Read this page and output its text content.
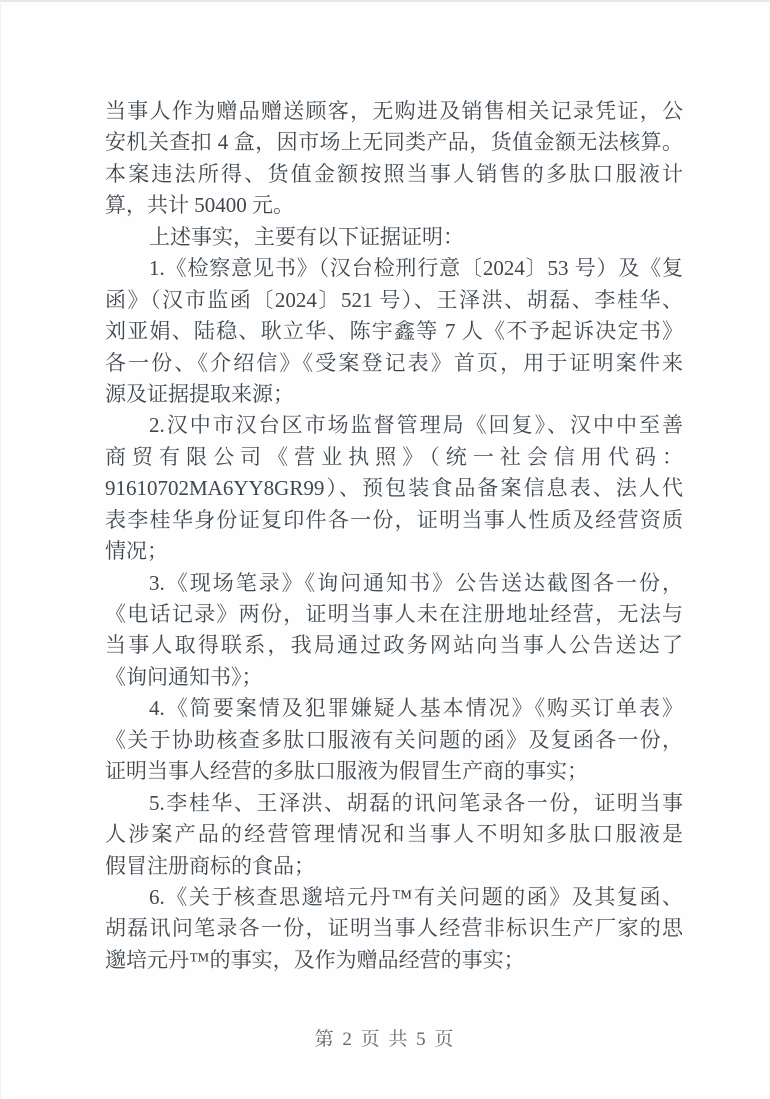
当事人作为赠品赠送顾客，无购进及销售相关记录凭证，公
安机关查扣 4 盒，因市场上无同类产品，货值金额无法核算。
本案违法所得、货值金额按照当事人销售的多肽口服液计
算，共计 50400 元。
上述事实，主要有以下证据证明：
1.《检察意见书》（汉台检刑行意〔2024〕53 号）及《复
函》（汉市监函〔2024〕521 号）、王泽洪、胡磊、李桂华、
刘亚娟、陆稳、耿立华、陈宇鑫等 7 人《不予起诉决定书》
各一份、《介绍信》《受案登记表》首页，用于证明案件来
源及证据提取来源；
2.汉中市汉台区市场监督管理局《回复》、汉中中至善
商贸有限公司《营业执照》（统一社会信用代码：
91610702MA6YY8GR99）、预包装食品备案信息表、法人代
表李桂华身份证复印件各一份，证明当事人性质及经营资质
情况；
3.《现场笔录》《询问通知书》公告送达截图各一份，
《电话记录》两份，证明当事人未在注册地址经营，无法与
当事人取得联系，我局通过政务网站向当事人公告送达了
《询问通知书》；
4.《简要案情及犯罪嫌疑人基本情况》《购买订单表》
《关于协助核查多肽口服液有关问题的函》及复函各一份，
证明当事人经营的多肽口服液为假冒生产商的事实；
5.李桂华、王泽洪、胡磊的讯问笔录各一份，证明当事
人涉案产品的经营管理情况和当事人不明知多肽口服液是
假冒注册商标的食品；
6.《关于核查思邈培元丹™有关问题的函》及其复函、
胡磊讯问笔录各一份，证明当事人经营非标识生产厂家的思
邈培元丹™的事实，及作为赠品经营的事实；
第 2 页 共 5 页
